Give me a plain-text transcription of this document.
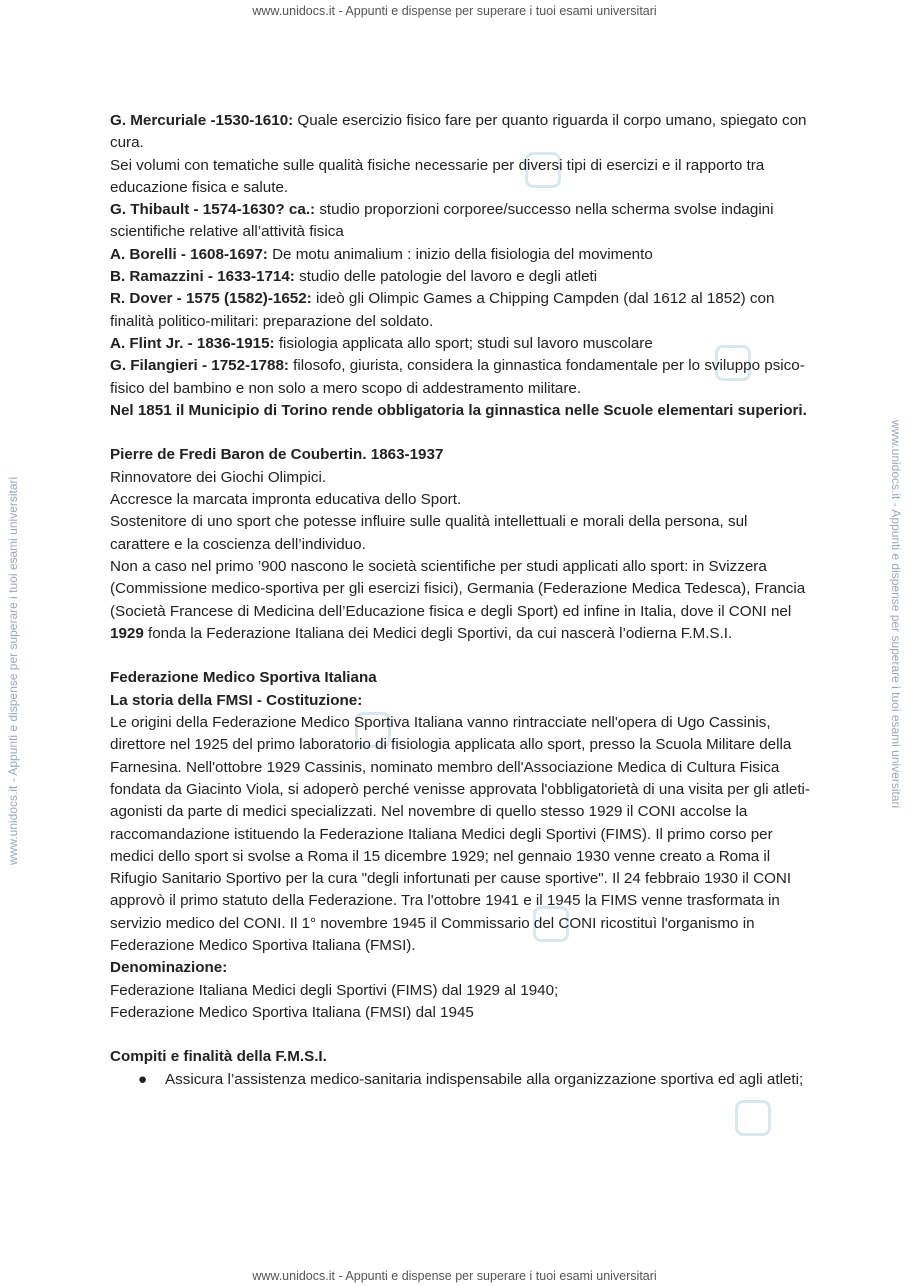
www.unidocs.it - Appunti e dispense per superare i tuoi esami universitari
www.unidocs.it - Appunti e dispense per superare i tuoi esami universitari	www.unidocs.it - Appunti e dispense per superare i tuoi esami universitari

G. Mercuriale -1530-1610: Quale esercizio fisico fare per quanto riguarda il corpo umano, spiegato con cura.

Sei volumi con tematiche sulle qualità fisiche necessarie per diversi tipi di esercizi e il rapporto tra educazione fisica e salute.

G. Thibault - 1574-1630? ca.: studio proporzioni corporee/successo nella scherma svolse indagini scientifiche relative all’attività fisica

A. Borelli - 1608-1697: De motu animalium : inizio della fisiologia del movimento

B. Ramazzini - 1633-1714: studio delle patologie del lavoro e degli atleti

R. Dover - 1575 (1582)-1652: ideò gli Olimpic Games a Chipping Campden (dal 1612 al 1852) con finalità politico-militari: preparazione del soldato.

A. Flint Jr. - 1836-1915: fisiologia applicata allo sport; studi sul lavoro muscolare

G. Filangieri - 1752-1788: filosofo, giurista, considera la ginnastica fondamentale per lo sviluppo psico-fisico del bambino e non solo a mero scopo di addestramento militare.

Nel 1851 il Municipio di Torino rende obbligatoria la ginnastica nelle Scuole elementari superiori.

Pierre de Fredi Baron de Coubertin. 1863-1937

Rinnovatore dei Giochi Olimpici.

Accresce la marcata impronta educativa dello Sport.

Sostenitore di uno sport che potesse influire sulle qualità intellettuali e morali della persona, sul carattere e la coscienza dell’individuo.

Non a caso nel primo ’900 nascono le società scientifiche per studi applicati allo sport: in Svizzera (Commissione medico-sportiva per gli esercizi fisici), Germania (Federazione Medica Tedesca), Francia (Società Francese di Medicina dell’Educazione fisica e degli Sport) ed infine in Italia, dove il CONI nel 1929 fonda la Federazione Italiana dei Medici degli Sportivi, da cui nascerà l’odierna F.M.S.I.

Federazione Medico Sportiva Italiana

La storia della FMSI - Costituzione:

Le origini della Federazione Medico Sportiva Italiana vanno rintracciate nell'opera di Ugo Cassinis, direttore nel 1925 del primo laboratorio di fisiologia applicata allo sport, presso la Scuola Militare della Farnesina. Nell'ottobre 1929 Cassinis, nominato membro dell'Associazione Medica di Cultura Fisica fondata da Giacinto Viola, si adoperò perché venisse approvata l'obbligatorietà di una visita per gli atleti-agonisti da parte di medici specializzati. Nel novembre di quello stesso 1929 il CONI accolse la raccomandazione istituendo la Federazione Italiana Medici degli Sportivi (FIMS). Il primo corso per medici dello sport si svolse a Roma il 15 dicembre 1929; nel gennaio 1930 venne creato a Roma il Rifugio Sanitario Sportivo per la cura "degli infortunati per cause sportive". Il 24 febbraio 1930 il CONI approvò il primo statuto della Federazione. Tra l'ottobre 1941 e il 1945 la FIMS venne trasformata in servizio medico del CONI. Il 1° novembre 1945 il Commissario del CONI ricostituì l'organismo in Federazione Medico Sportiva Italiana (FMSI).

Denominazione:

Federazione Italiana Medici degli Sportivi (FIMS) dal 1929 al 1940;

Federazione Medico Sportiva Italiana (FMSI) dal 1945

Compiti e finalità della F.M.S.I.

● Assicura l’assistenza medico-sanitaria indispensabile alla organizzazione sportiva ed agli atleti;
www.unidocs.it - Appunti e dispense per superare i tuoi esami universitari
